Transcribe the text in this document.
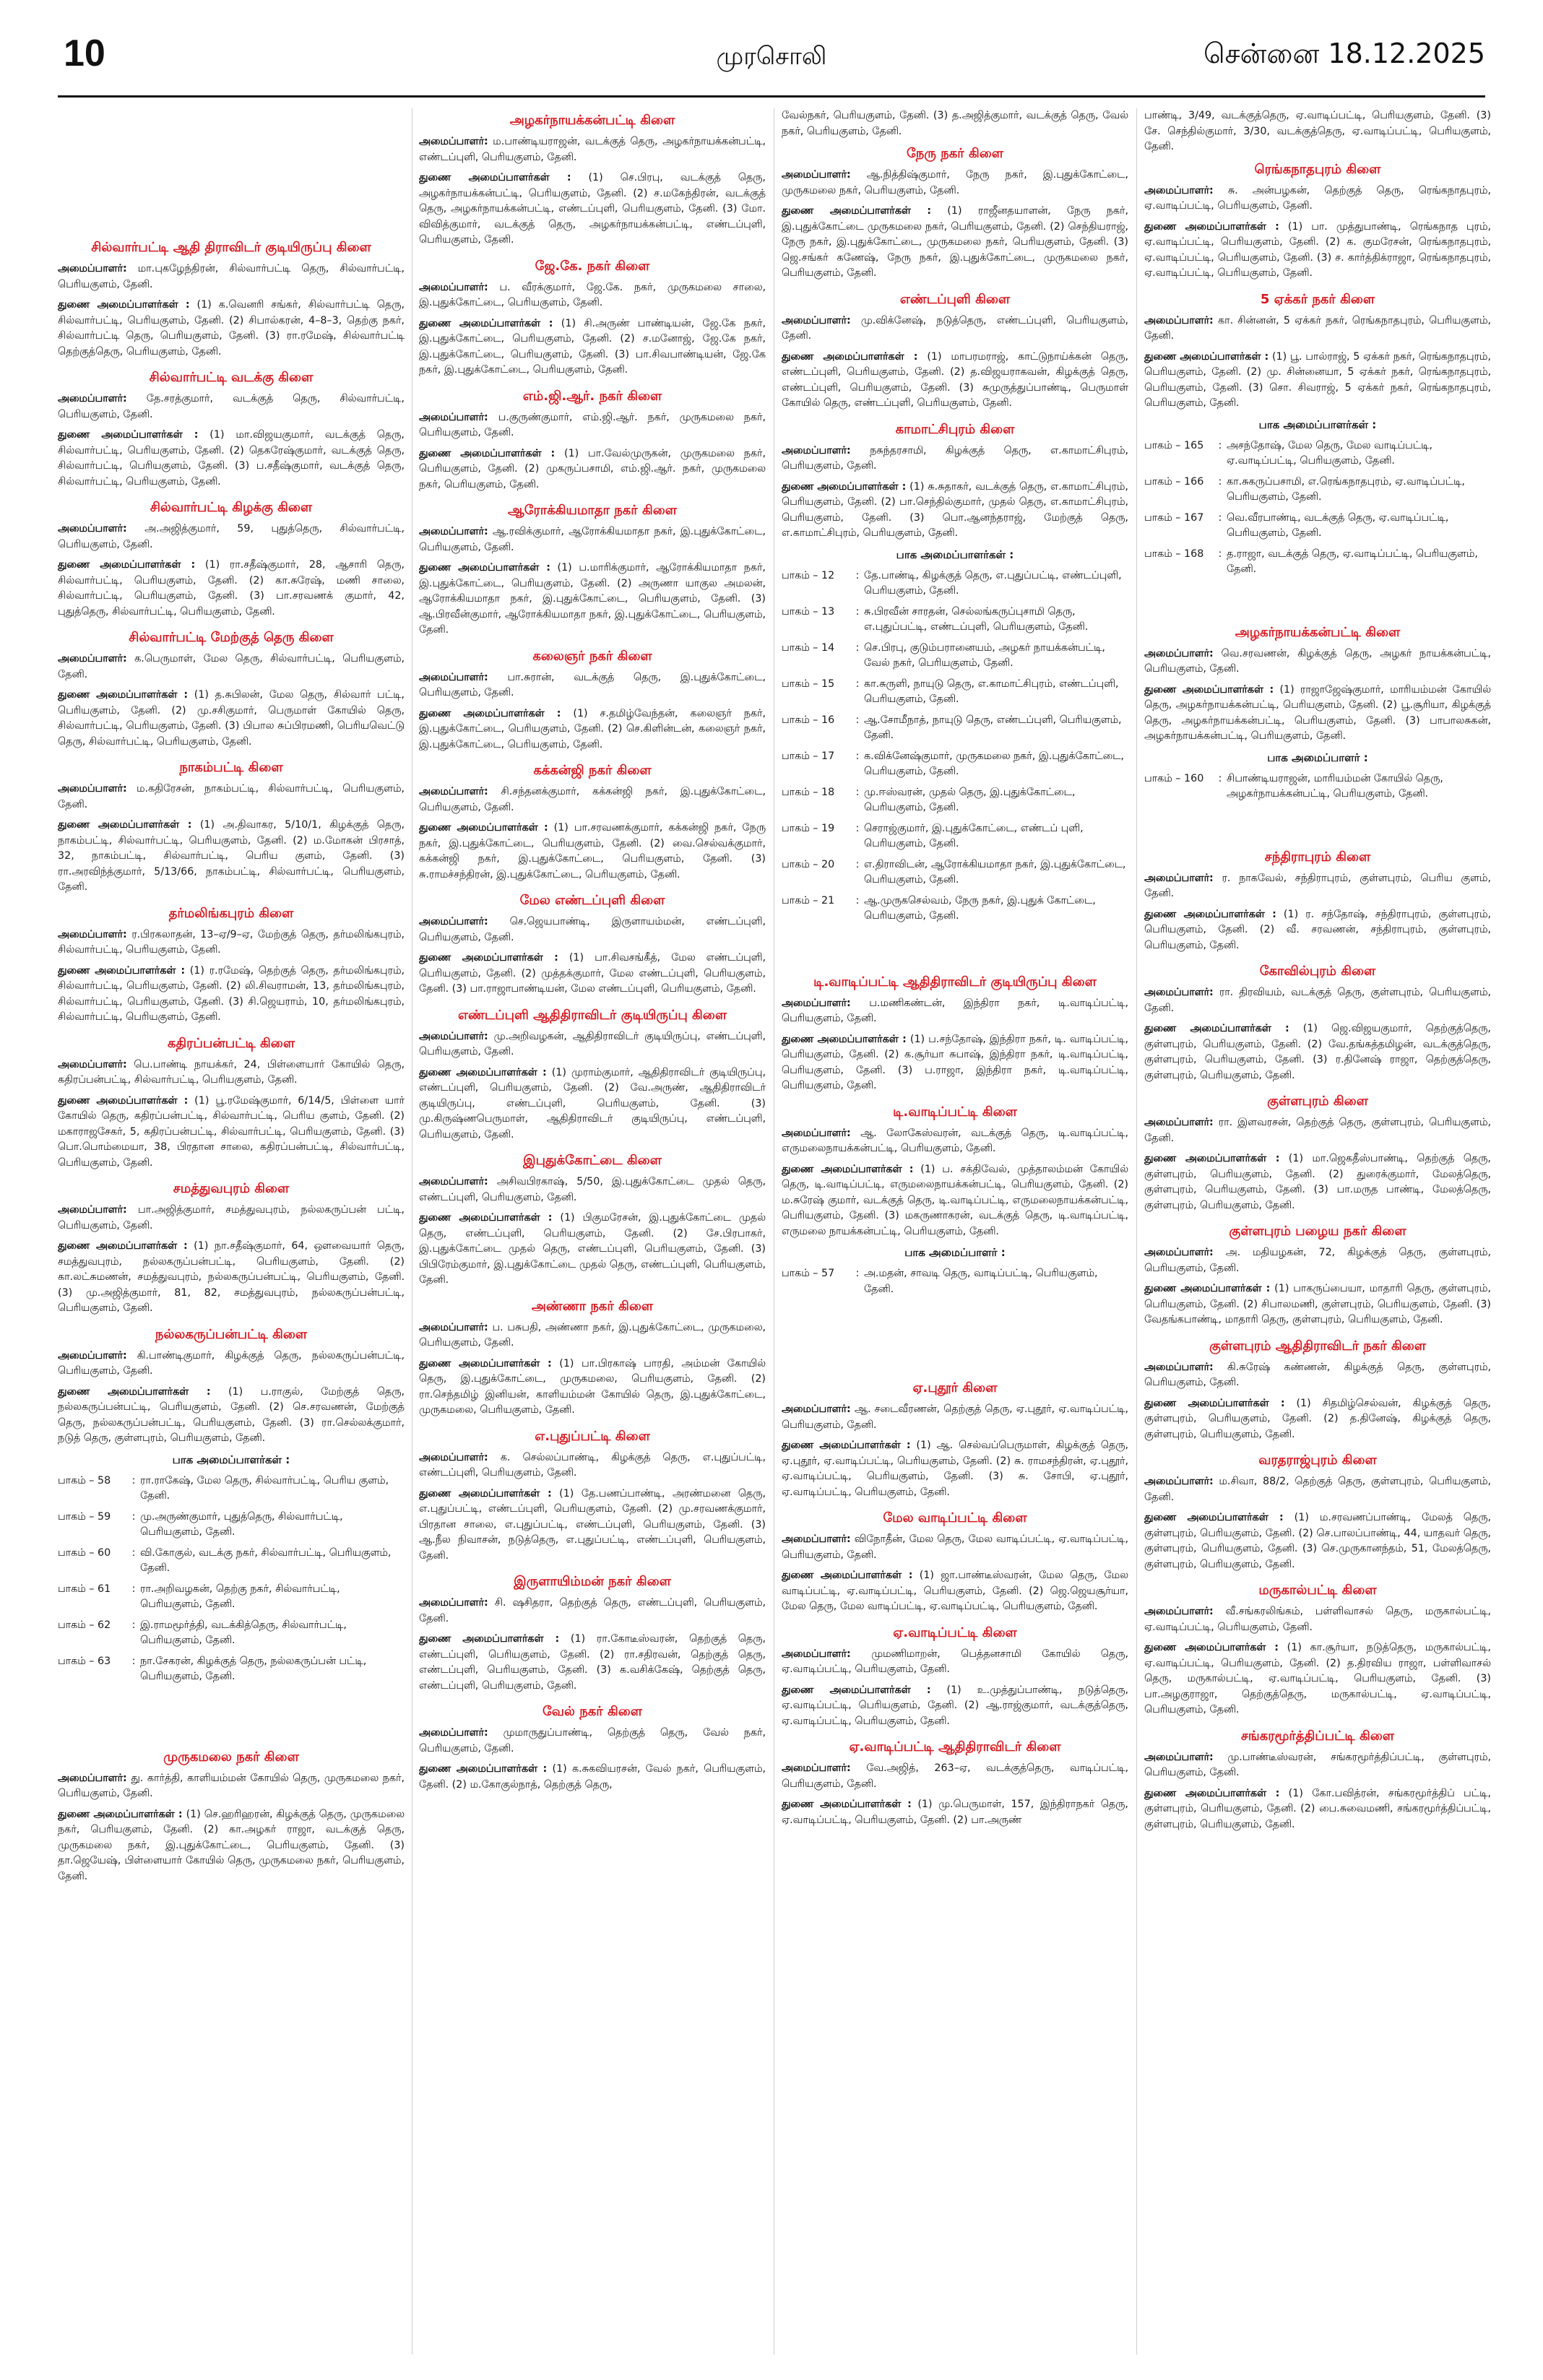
10	முரசொலி	சென்னை 18.12.2025
சில்வார்பட்டி ஆதி திராவிடர் குடியிருப்பு கிளை
அமைப்பாளர்: மா.புகழேந்திரன், சில்வார்பட்டி தெரு, சில்வார்பட்டி, பெரியகுளம், தேனி.
துணை அமைப்பாளர்கள் : (1) க.வெனரி சங்கர், சில்வார்பட்டி தெரு, சில்வார்பட்டி, பெரியகுளம், தேனி. (2) சிபால்கரன், 4–8–3, தெற்கு நகர், சில்வார்பட்டி தெரு, பெரியகுளம், தேனி. (3) ரா.ரமேஷ், சில்வார்பட்டி தெற்குத்தெரு, பெரியகுளம், தேனி.
சில்வார்பட்டி வடக்கு கிளை
அமைப்பாளர்: தே.சரத்குமார், வடக்குத் தெரு, சில்வார்பட்டி, பெரியகுளம், தேனி.
துணை அமைப்பாளர்கள் : (1) மா.விஜயகுமார், வடக்குத் தெரு, சில்வார்பட்டி, பெரியகுளம், தேனி. (2) தெகரேஷ்குமார், வடக்குத் தெரு, சில்வார்பட்டி, பெரியகுளம், தேனி. (3) ப.சதீஷ்குமார், வடக்குத் தெரு, சில்வார்பட்டி, பெரியகுளம், தேனி.
சில்வார்பட்டி கிழக்கு கிளை
அமைப்பாளர்: அ.அஜித்குமார், 59, புதுத்தெரு, சில்வார்பட்டி, பெரியகுளம், தேனி.
துணை அமைப்பாளர்கள் : (1) ரா.சதீஷ்குமார், 28, ஆசாரி தெரு, சில்வார்பட்டி, பெரியகுளம், தேனி. (2) கா.சுரேஷ், மணி சாலை, சில்வார்பட்டி, பெரியகுளம், தேனி. (3) பா.சரவணக் குமார், 42, புதுத்தெரு, சில்வார்பட்டி, பெரியகுளம், தேனி.
சில்வார்பட்டி மேற்குத் தெரு கிளை
அமைப்பாளர்: க.பெருமாள், மேல தெரு, சில்வார்பட்டி, பெரியகுளம், தேனி.
துணை அமைப்பாளர்கள் : (1) த.சுபிலன், மேல தெரு, சில்வார் பட்டி, பெரியகுளம், தேனி. (2) மு.சசிகுமார், பெருமாள் கோயில் தெரு, சில்வார்பட்டி, பெரியகுளம், தேனி. (3) பிபால சுப்பிரமணி, பெரியவெட்டு தெரு, சில்வார்பட்டி, பெரியகுளம், தேனி.
நாகம்பட்டி கிளை
அமைப்பாளர்: ம.கதிரேசன், நாகம்பட்டி, சில்வார்பட்டி, பெரியகுளம், தேனி.
துணை அமைப்பாளர்கள் : (1) அ.திவாகர, 5/10/1, கிழக்குத் தெரு, நாகம்பட்டி, சில்வார்பட்டி, பெரியகுளம், தேனி. (2) ம.மோகன் பிரசாத், 32, நாகம்பட்டி, சில்வார்பட்டி, பெரிய குளம், தேனி. (3) ரா.அரவிந்த்குமார், 5/13/66, நாகம்பட்டி, சில்வார்பட்டி, பெரியகுளம், தேனி.
தர்மலிங்கபுரம் கிளை
அமைப்பாளர்: ர.பிரகலாதன், 13–ஏ/9–ஏ, மேற்குத் தெரு, தர்மலிங்கபுரம், சில்வார்பட்டி, பெரியகுளம், தேனி.
துணை அமைப்பாளர்கள் : (1) ர.ரமேஷ், தெற்குத் தெரு, தர்மலிங்கபுரம், சில்வார்பட்டி, பெரியகுளம், தேனி. (2) லி.சிவராமன், 13, தர்மலிங்கபுரம், சில்வார்பட்டி, பெரியகுளம், தேனி. (3) சி.ஜெயராம், 10, தர்மலிங்கபுரம், சில்வார்பட்டி, பெரியகுளம், தேனி.
கதிரப்பன்பட்டி கிளை
அமைப்பாளர்: பெ.பாண்டி நாயக்கர், 24, பிள்ளையார் கோயில் தெரு, கதிரப்பன்பட்டி, சில்வார்பட்டி, பெரியகுளம், தேனி.
துணை அமைப்பாளர்கள் : (1) பூ.ரமேஷ்குமார், 6/14/5, பிள்ளை யார் கோயில் தெரு, கதிரப்பன்பட்டி, சில்வார்பட்டி, பெரிய குளம், தேனி. (2) மகாராஜசேகர், 5, கதிரப்பன்பட்டி, சில்வார்பட்டி, பெரியகுளம், தேனி. (3) பொ.பொம்மையா, 38, பிரதான சாலை, கதிரப்பன்பட்டி, சில்வார்பட்டி, பெரியகுளம், தேனி.
சமத்துவபுரம் கிளை
அமைப்பாளர்: பா.அஜித்குமார், சமத்துவபுரம், நல்லகருப்பன் பட்டி, பெரியகுளம், தேனி.
துணை அமைப்பாளர்கள் : (1) நா.சதீஷ்குமார், 64, ஔவையார் தெரு, சமத்துவபுரம், நல்லகருப்பன்பட்டி, பெரியகுளம், தேனி. (2) கா.லட்சுமணன், சமத்துவபுரம், நல்லகருப்பன்பட்டி, பெரியகுளம், தேனி. (3) மு.அஜித்குமார், 81, 82, சமத்துவபுரம், நல்லகருப்பன்பட்டி, பெரியகுளம், தேனி.
நல்லகருப்பன்பட்டி கிளை
அமைப்பாளர்: கி.பாண்டிகுமார், கிழக்குத் தெரு, நல்லகருப்பன்பட்டி, பெரியகுளம், தேனி.
துணை அமைப்பாளர்கள் : (1) ப.ராகுல், மேற்குத் தெரு, நல்லகருப்பன்பட்டி, பெரியகுளம், தேனி. (2) செ.சரவணன், மேற்குத் தெரு, நல்லகருப்பன்பட்டி, பெரியகுளம், தேனி. (3) ரா.செல்லக்குமார், நடுத் தெரு, குள்ளபுரம், பெரியகுளம், தேனி.
பாக அமைப்பாளர்கள் :
பாகம் – 58	:	ரா.ராகேஷ், மேல தெரு, சில்வார்பட்டி, பெரிய குளம், தேனி.
பாகம் – 59	:	மு.அருண்குமார், புதுத்தெரு, சில்வார்பட்டி, பெரியகுளம், தேனி.
பாகம் – 60	:	வி.கோகுல், வடக்கு நகர், சில்வார்பட்டி, பெரியகுளம், தேனி.
பாகம் – 61	:	ரா.அறிவழகன், தெற்கு நகர், சில்வார்பட்டி, பெரியகுளம், தேனி.
பாகம் – 62	:	இ.ராமமூர்த்தி, வடக்கித்தெரு, சில்வார்பட்டி, பெரியகுளம், தேனி.
பாகம் – 63	:	நா.சேகரன், கிழக்குத் தெரு, நல்லகருப்பன் பட்டி, பெரியகுளம், தேனி.
முருகமலை நகர் கிளை
அமைப்பாளர்: து. கார்த்தி, காளியம்மன் கோயில் தெரு, முருகமலை நகர், பெரியகுளம், தேனி.
துணை அமைப்பாளர்கள் : (1) செ.ஹரிஹரன், கிழக்குத் தெரு, முருகமலை நகர், பெரியகுளம், தேனி. (2) கா.அழகர் ராஜா, வடக்குத் தெரு, முருகமலை நகர், இ.புதுக்கோட்டை, பெரியகுளம், தேனி. (3) தா.ஜெயேஷ், பிள்ளையார் கோயில் தெரு, முருகமலை நகர், பெரியகுளம், தேனி.
அழகர்நாயக்கன்பட்டி கிளை
அமைப்பாளர்: ம.பாண்டியராஜன், வடக்குத் தெரு, அழகர்நாயக்கன்பட்டி, எண்டப்புளி, பெரியகுளம், தேனி.
துணை அமைப்பாளர்கள் : (1) செ.பிரபு, வடக்குத் தெரு, அழகர்நாயக்கன்பட்டி, பெரியகுளம், தேனி. (2) ச.மகேந்திரன், வடக்குத் தெரு, அழகர்நாயக்கன்பட்டி, எண்டப்புளி, பெரியகுளம், தேனி. (3) மோ. விவித்குமார், வடக்குத் தெரு, அழகர்நாயக்கன்பட்டி, எண்டப்புளி, பெரியகுளம், தேனி.
ஜே.கே. நகர் கிளை
அமைப்பாளர்: ப. வீரக்குமார், ஜே.கே. நகர், முருகமலை சாலை, இ.புதுக்கோட்டை, பெரியகுளம், தேனி.
துணை அமைப்பாளர்கள் : (1) சி.அருண் பாண்டியன், ஜே.கே நகர், இ.புதுக்கோட்டை, பெரியகுளம், தேனி. (2) ச.மனோஜ், ஜே.கே நகர், இ.புதுக்கோட்டை, பெரியகுளம், தேனி. (3) பா.சிவபாண்டியன், ஜே.கே நகர், இ.புதுக்கோட்டை, பெரியகுளம், தேனி.
எம்.ஜி.ஆர். நகர் கிளை
அமைப்பாளர்: ப.குருண்குமார், எம்.ஜி.ஆர். நகர், முருகமலை நகர், பெரியகுளம், தேனி.
துணை அமைப்பாளர்கள் : (1) பா.வேல்முருகன், முருகமலை நகர், பெரியகுளம், தேனி. (2) முகருப்பசாமி, எம்.ஜி.ஆர். நகர், முருகமலை நகர், பெரியகுளம், தேனி.
ஆரோக்கியமாதா நகர் கிளை
அமைப்பாளர்: ஆ.ரவிக்குமார், ஆரோக்கியமாதா நகர், இ.புதுக்கோட்டை, பெரியகுளம், தேனி.
துணை அமைப்பாளர்கள் : (1) ப.மாரிக்குமார், ஆரோக்கியமாதா நகர், இ.புதுக்கோட்டை, பெரியகுளம், தேனி. (2) அருணா யாகுல அமலன், ஆரோக்கியமாதா நகர், இ.புதுக்கோட்டை, பெரியகுளம், தேனி. (3) ஆ.பிரவீன்குமார், ஆரோக்கியமாதா நகர், இ.புதுக்கோட்டை, பெரியகுளம், தேனி.
கலைஞர் நகர் கிளை
அமைப்பாளர்: பா.சுரான், வடக்குத் தெரு, இ.புதுக்கோட்டை, பெரியகுளம், தேனி.
துணை அமைப்பாளர்கள் : (1) ச.தமிழ்வேந்தன், கலைஞர் நகர், இ.புதுக்கோட்டை, பெரியகுளம், தேனி. (2) செ.கிளின்டன், கலைஞர் நகர், இ.புதுக்கோட்டை, பெரியகுளம், தேனி.
கக்கன்ஜி நகர் கிளை
அமைப்பாளர்: சி.சந்தனக்குமார், கக்கன்ஜி நகர், இ.புதுக்கோட்டை, பெரியகுளம், தேனி.
துணை அமைப்பாளர்கள் : (1) பா.சரவணக்குமார், கக்கன்ஜி நகர், நேரு நகர், இ.புதுக்கோட்டை, பெரியகுளம், தேனி. (2) வை.செல்வக்குமார், கக்கன்ஜி நகர், இ.புதுக்கோட்டை, பெரியகுளம், தேனி. (3) சு.ராமச்சந்திரன், இ.புதுக்கோட்டை, பெரியகுளம், தேனி.
மேல எண்டப்புளி கிளை
அமைப்பாளர்: செ.ஜெயபாண்டி, இருளாயம்மன், எண்டப்புளி, பெரியகுளம், தேனி.
துணை அமைப்பாளர்கள் : (1) பா.சிவசங்கீத், மேல எண்டப்புளி, பெரியகுளம், தேனி. (2) முத்தக்குமார், மேல எண்டப்புளி, பெரியகுளம், தேனி. (3) பா.ராஜாபாண்டியன், மேல எண்டப்புளி, பெரியகுளம், தேனி.
எண்டப்புளி ஆதிதிராவிடர் குடியிருப்பு கிளை
அமைப்பாளர்: மு.அறிவழகன், ஆதிதிராவிடர் குடியிருப்பு, எண்டப்புளி, பெரியகுளம், தேனி.
துணை அமைப்பாளர்கள் : (1) முராம்குமார், ஆதிதிராவிடர் குடியிருப்பு, எண்டப்புளி, பெரியகுளம், தேனி. (2) வே.அருண், ஆதிதிராவிடர் குடியிருப்பு, எண்டப்புளி, பெரியகுளம், தேனி. (3) மு.கிருஷ்ணபெருமாள், ஆதிதிராவிடர் குடியிருப்பு, எண்டப்புளி, பெரியகுளம், தேனி.
இபுதுக்கோட்டை கிளை
அமைப்பாளர்: அசிவபிரகாஷ், 5/50, இ.புதுக்கோட்டை முதல் தெரு, எண்டப்புளி, பெரியகுளம், தேனி.
துணை அமைப்பாளர்கள் : (1) பிகுமரேசன், இ.புதுக்கோட்டை முதல் தெரு, எண்டப்புளி, பெரியகுளம், தேனி. (2) சே.பிரபாகர், இ.புதுக்கோட்டை முதல் தெரு, எண்டப்புளி, பெரியகுளம், தேனி. (3) பிபிரேம்குமார், இ.புதுக்கோட்டை முதல் தெரு, எண்டப்புளி, பெரியகுளம், தேனி.
அண்ணா நகர் கிளை
அமைப்பாளர்: ப. பசுபதி, அண்ணா நகர், இ.புதுக்கோட்டை, முருகமலை, பெரியகுளம், தேனி.
துணை அமைப்பாளர்கள் : (1) பா.பிரகாஷ் பாரதி, அம்மன் கோயில் தெரு, இ.புதுக்கோட்டை, முருகமலை, பெரியகுளம், தேனி. (2) ரா.செந்தமிழ் இனியன், காளியம்மன் கோயில் தெரு, இ.புதுக்கோட்டை, முருகமலை, பெரியகுளம், தேனி.
எ.புதுப்பட்டி கிளை
அமைப்பாளர்: க. செல்லப்பாண்டி, கிழக்குத் தெரு, எ.புதுப்பட்டி, எண்டப்புளி, பெரியகுளம், தேனி.
துணை அமைப்பாளர்கள் : (1) தே.பணப்பாண்டி, அரண்மனை தெரு, எ.புதுப்பட்டி, எண்டப்புளி, பெரியகுளம், தேனி. (2) மு.சரவணக்குமார், பிரதான சாலை, எ.புதுப்பட்டி, எண்டப்புளி, பெரியகுளம், தேனி. (3) ஆ.நீல நிவாசன், நடுத்தெரு, எ.புதுப்பட்டி, எண்டப்புளி, பெரியகுளம், தேனி.
இருளாயிம்மன் நகர் கிளை
அமைப்பாளர்: சி. ஷசிதரா, தெற்குத் தெரு, எண்டப்புளி, பெரியகுளம், தேனி.
துணை அமைப்பாளர்கள் : (1) ரா.கோடீஸ்வரன், தெற்குத் தெரு, எண்டப்புளி, பெரியகுளம், தேனி. (2) ரா.சதிரவன், தெற்குத் தெரு, எண்டப்புளி, பெரியகுளம், தேனி. (3) க.வசிக்கேஷ், தெற்குத் தெரு, எண்டப்புளி, பெரியகுளம், தேனி.
வேல் நகர் கிளை
அமைப்பாளர்: முமாருதுப்பாண்டி, தெற்குத் தெரு, வேல் நகர், பெரியகுளம், தேனி.
துணை அமைப்பாளர்கள் : (1) க.சுகவியரசன், வேல் நகர், பெரியகுளம், தேனி. (2) ம.கோகுல்நாத், தெற்குத் தெரு,
வேல்நகர், பெரியகுளம், தேனி. (3) த.அஜித்குமார், வடக்குத் தெரு, வேல் நகர், பெரியகுளம், தேனி.
நேரு நகர் கிளை
அமைப்பாளர்: ஆ.நித்திஷ்குமார், நேரு நகர், இ.புதுக்கோட்டை, முருகமலை நகர், பெரியகுளம், தேனி.
துணை அமைப்பாளர்கள் : (1) ராஜீனதயாளன், நேரு நகர், இ.புதுக்கோட்டை முருகமலை நகர், பெரியகுளம், தேனி. (2) செந்தியராஜ், நேரு நகர், இ.புதுக்கோட்டை, முருகமலை நகர், பெரியகுளம், தேனி. (3) ஜெ.சங்கர் கணேஷ், நேரு நகர், இ.புதுக்கோட்டை, முருகமலை நகர், பெரியகுளம், தேனி.
எண்டப்புளி கிளை
அமைப்பாளர்: மு.விக்னேஷ், நடுத்தெரு, எண்டப்புளி, பெரியகுளம், தேனி.
துணை அமைப்பாளர்கள் : (1) மாபரமராஜ், காட்டுநாய்க்கன் தெரு, எண்டப்புளி, பெரியகுளம், தேனி. (2) த.விஜயராகவன், கிழக்குத் தெரு, எண்டப்புளி, பெரியகுளம், தேனி. (3) சுமுருத்துப்பாண்டி, பெருமாள் கோயில் தெரு, எண்டப்புளி, பெரியகுளம், தேனி.
காமாட்சிபுரம் கிளை
அமைப்பாளர்: நசுந்தரசாமி, கிழக்குத் தெரு, எ.காமாட்சிபுரம், பெரியகுளம், தேனி.
துணை அமைப்பாளர்கள் : (1) சு.சுதாகர், வடக்குத் தெரு, எ.காமாட்சிபுரம், பெரியகுளம், தேனி. (2) பா.செந்தில்குமார், முதல் தெரு, எ.காமாட்சிபுரம், பெரியகுளம், தேனி. (3) பொ.ஆனந்தராஜ், மேற்குத் தெரு, எ.காமாட்சிபுரம், பெரியகுளம், தேனி.
பாக அமைப்பாளர்கள் :
பாகம் – 12	:	தே.பாண்டி, கிழக்குத் தெரு, எ.புதுப்பட்டி, எண்டப்புளி, பெரியகுளம், தேனி.
பாகம் – 13	:	சு.பிரவீன் சாரதன், செல்லங்கருப்புசாமி தெரு, எ.புதுப்பட்டி, எண்டப்புளி, பெரியகுளம், தேனி.
பாகம் – 14	:	செ.பிரபு, குடும்பரானையம், அழகர் நாயக்கன்பட்டி, வேல் நகர், பெரியகுளம், தேனி.
பாகம் – 15	:	கா.சுருளி, நாயுடு தெரு, எ.காமாட்சிபுரம், எண்டப்புளி, பெரியகுளம், தேனி.
பாகம் – 16	:	ஆ.சோமீநாத், நாயுடு தெரு, எண்டப்புளி, பெரியகுளம், தேனி.
பாகம் – 17	:	க.விக்னேஷ்குமார், முருகமலை நகர், இ.புதுக்கோட்டை, பெரியகுளம், தேனி.
பாகம் – 18	:	மு.ஈஸ்வரன், முதல் தெரு, இ.புதுக்கோட்டை, பெரியகுளம், தேனி.
பாகம் – 19	:	செராஜ்குமார், இ.புதுக்கோட்டை, எண்டப் புளி, பெரியகுளம், தேனி.
பாகம் – 20	:	எ.திராவிடன், ஆரோக்கியமாதா நகர், இ.புதுக்கோட்டை, பெரியகுளம், தேனி.
பாகம் – 21	:	ஆ.முருகசெல்வம், நேரு நகர், இ.புதுக் கோட்டை, பெரியகுளம், தேனி.
டி.வாடிப்பட்டி ஆதிதிராவிடர் குடியிருப்பு கிளை
அமைப்பாளர்: ப.மணிகண்டன், இந்திரா நகர், டி.வாடிப்பட்டி, பெரியகுளம், தேனி.
துணை அமைப்பாளர்கள் : (1) ப.சந்தோஷ், இந்திரா நகர், டி. வாடிப்பட்டி, பெரியகுளம், தேனி. (2) க.சூர்யா சுபாஷ், இந்திரா நகர், டி.வாடிப்பட்டி, பெரியகுளம், தேனி. (3) ப.ராஜா, இந்திரா நகர், டி.வாடிப்பட்டி, பெரியகுளம், தேனி.
டி.வாடிப்பட்டி கிளை
அமைப்பாளர்: ஆ. லோகேஸ்வரன், வடக்குத் தெரு, டி.வாடிப்பட்டி, எருமலைநாயக்கன்பட்டி, பெரியகுளம், தேனி.
துணை அமைப்பாளர்கள் : (1) ப. சக்திவேல், முத்தாலம்மன் கோயில் தெரு, டி.வாடிப்பட்டி, எருமலைநாயக்கன்பட்டி, பெரியகுளம், தேனி. (2) ம.சுரேஷ் குமார், வடக்குத் தெரு, டி.வாடிப்பட்டி, எருமலைநாயக்கன்பட்டி, பெரியகுளம், தேனி. (3) மகருணாகரன், வடக்குத் தெரு, டி.வாடிப்பட்டி, எருமலை நாயக்கன்பட்டி, பெரியகுளம், தேனி.
பாக அமைப்பாளர் :
பாகம் – 57	:	அ.மதன், சாவடி தெரு, வாடிப்பட்டி, பெரியகுளம், தேனி.
ஏ.புதூர் கிளை
அமைப்பாளர்: ஆ. சடைவீரணன், தெற்குத் தெரு, ஏ.புதூர், ஏ.வாடிப்பட்டி, பெரியகுளம், தேனி.
துணை அமைப்பாளர்கள் : (1) ஆ. செல்வப்பெருமாள், கிழக்குத் தெரு, ஏ.புதூர், ஏ.வாடிப்பட்டி, பெரியகுளம், தேனி. (2) சு. ராமசந்திரன், ஏ.புதூர், ஏ.வாடிப்பட்டி, பெரியகுளம், தேனி. (3) சு. சோபி, ஏ.புதூர், ஏ.வாடிப்பட்டி, பெரியகுளம், தேனி.
மேல வாடிப்பட்டி கிளை
அமைப்பாளர்: விநோதீன், மேல தெரு, மேல வாடிப்பட்டி, ஏ.வாடிப்பட்டி, பெரியகுளம், தேனி.
துணை அமைப்பாளர்கள் : (1) ஜா.பாண்டீஸ்வரன், மேல தெரு, மேல வாடிப்பட்டி, ஏ.வாடிப்பட்டி, பெரியகுளம், தேனி. (2) ஜெ.ஜெயசூர்யா, மேல தெரு, மேல வாடிப்பட்டி, ஏ.வாடிப்பட்டி, பெரியகுளம், தேனி.
ஏ.வாடிப்பட்டி கிளை
அமைப்பாளர்: முமணிமாறன், பெத்தனசாமி கோயில் தெரு, ஏ.வாடிப்பட்டி, பெரியகுளம், தேனி.
துணை அமைப்பாளர்கள் : (1) உ.முத்துப்பாண்டி, நடுத்தெரு, ஏ.வாடிப்பட்டி, பெரியகுளம், தேனி. (2) ஆ.ராஜ்குமார், வடக்குத்தெரு, ஏ.வாடிப்பட்டி, பெரியகுளம், தேனி.
ஏ.வாடிப்பட்டி ஆதிதிராவிடர் கிளை
அமைப்பாளர்: வே.அஜித், 263–ஏ, வடக்குத்தெரு, வாடிப்பட்டி, பெரியகுளம், தேனி.
துணை அமைப்பாளர்கள் : (1) மு.பெருமாள், 157, இந்திராநகர் தெரு, ஏ.வாடிப்பட்டி, பெரியகுளம், தேனி. (2) பா.அருண்
பாண்டி, 3/49, வடக்குத்தெரு, ஏ.வாடிப்பட்டி, பெரியகுளம், தேனி. (3) சே. செந்தில்குமார், 3/30, வடக்குத்தெரு, ஏ.வாடிப்பட்டி, பெரியகுளம், தேனி.
ரெங்கநாதபுரம் கிளை
அமைப்பாளர்: சு. அன்பழகன், தெற்குத் தெரு, ரெங்கநாதபுரம், ஏ.வாடிப்பட்டி, பெரியகுளம், தேனி.
துணை அமைப்பாளர்கள் : (1) பா. முத்துபாண்டி, ரெங்கநாத புரம், ஏ.வாடிப்பட்டி, பெரியகுளம், தேனி. (2) க. குமரேசன், ரெங்கநாதபுரம், ஏ.வாடிப்பட்டி, பெரியகுளம், தேனி. (3) ச. கார்த்திக்ராஜா, ரெங்கநாதபுரம், ஏ.வாடிப்பட்டி, பெரியகுளம், தேனி.
5 ஏக்கர் நகர் கிளை
அமைப்பாளர்: கா. சின்னன், 5 ஏக்கர் நகர், ரெங்கநாதபுரம், பெரியகுளம், தேனி.
துணை அமைப்பாளர்கள் : (1) பூ. பால்ராஜ், 5 ஏக்கர் நகர், ரெங்கநாதபுரம், பெரியகுளம், தேனி. (2) மு. சின்னையா, 5 ஏக்கர் நகர், ரெங்கநாதபுரம், பெரியகுளம், தேனி. (3) சொ. சிவராஜ், 5 ஏக்கர் நகர், ரெங்கநாதபுரம், பெரியகுளம், தேனி.
பாக அமைப்பாளர்கள் :
பாகம் – 165	:	அசந்தோஷ், மேல தெரு, மேல வாடிப்பட்டி, ஏ.வாடிப்பட்டி, பெரியகுளம், தேனி.
பாகம் – 166	:	கா.சுகருப்பசாமி, எ.ரெங்கநாதபுரம், ஏ.வாடிப்பட்டி, பெரியகுளம், தேனி.
பாகம் – 167	:	வெ.வீரபாண்டி, வடக்குத் தெரு, ஏ.வாடிப்பட்டி, பெரியகுளம், தேனி.
பாகம் – 168	:	த.ராஜா, வடக்குத் தெரு, ஏ.வாடிப்பட்டி, பெரியகுளம், தேனி.
அழகர்நாயக்கன்பட்டி கிளை
அமைப்பாளர்: வெ.சரவணன், கிழக்குத் தெரு, அழகர் நாயக்கன்பட்டி, பெரியகுளம், தேனி.
துணை அமைப்பாளர்கள் : (1) ராஜாஜேஷ்குமார், மாரியம்மன் கோயில் தெரு, அழகர்நாயக்கன்பட்டி, பெரியகுளம், தேனி. (2) பூ.சூரியா, கிழக்குத் தெரு, அழகர்நாயக்கன்பட்டி, பெரியகுளம், தேனி. (3) பாபாலசுகன், அழகர்நாயக்கன்பட்டி, பெரியகுளம், தேனி.
பாக அமைப்பாளர் :
பாகம் – 160	:	சிபாண்டியராஜன், மாரியம்மன் கோயில் தெரு, அழகர்நாயக்கன்பட்டி, பெரியகுளம், தேனி.
சந்திராபுரம் கிளை
அமைப்பாளர்: ர. நாகவேல், சந்திராபுரம், குள்ளபுரம், பெரிய குளம், தேனி.
துணை அமைப்பாளர்கள் : (1) ர. சந்தோஷ், சந்திராபுரம், குள்ளபுரம், பெரியகுளம், தேனி. (2) வீ. சரவணன், சந்திராபுரம், குள்ளபுரம், பெரியகுளம், தேனி.
கோவில்புரம் கிளை
அமைப்பாளர்: ரா. திரவியம், வடக்குத் தெரு, குள்ளபுரம், பெரியகுளம், தேனி.
துணை அமைப்பாளர்கள் : (1) ஜெ.விஜயகுமார், தெற்குத்தெரு, குள்ளபுரம், பெரியகுளம், தேனி. (2) வே.தங்கத்தமிழன், வடக்குத்தெரு, குள்ளபுரம், பெரியகுளம், தேனி. (3) ர.தினேஷ் ராஜா, தெற்குத்தெரு, குள்ளபுரம், பெரியகுளம், தேனி.
குள்ளபுரம் கிளை
அமைப்பாளர்: ரா. இளவரசன், தெற்குத் தெரு, குள்ளபுரம், பெரியகுளம், தேனி.
துணை அமைப்பாளர்கள் : (1) மா.ஜெகதீஸ்பாண்டி, தெற்குத் தெரு, குள்ளபுரம், பெரியகுளம், தேனி. (2) துரைக்குமார், மேலத்தெரு, குள்ளபுரம், பெரியகுளம், தேனி. (3) பா.மருத பாண்டி, மேலத்தெரு, குள்ளபுரம், பெரியகுளம், தேனி.
குள்ளபுரம் பழைய நகர் கிளை
அமைப்பாளர்: அ. மதியழகன், 72, கிழக்குத் தெரு, குள்ளபுரம், பெரியகுளம், தேனி.
துணை அமைப்பாளர்கள் : (1) பாகருப்பையா, மாதாரி தெரு, குள்ளபுரம், பெரியகுளம், தேனி. (2) சிபாலமணி, குள்ளபுரம், பெரியகுளம், தேனி. (3) வேதங்கபாண்டி, மாதாரி தெரு, குள்ளபுரம், பெரியகுளம், தேனி.
குள்ளபுரம் ஆதிதிராவிடர் நகர் கிளை
அமைப்பாளர்: கி.சுரேஷ் கண்ணன், கிழக்குத் தெரு, குள்ளபுரம், பெரியகுளம், தேனி.
துணை அமைப்பாளர்கள் : (1) சிதமிழ்செல்வன், கிழக்குத் தெரு, குள்ளபுரம், பெரியகுளம், தேனி. (2) த.தினேஷ், கிழக்குத் தெரு, குள்ளபுரம், பெரியகுளம், தேனி.
வரதராஜ்புரம் கிளை
அமைப்பாளர்: ம.சிவா, 88/2, தெற்குத் தெரு, குள்ளபுரம், பெரியகுளம், தேனி.
துணை அமைப்பாளர்கள் : (1) ம.சரவணப்பாண்டி, மேலத் தெரு, குள்ளபுரம், பெரியகுளம், தேனி. (2) செ.பாலப்பாண்டி, 44, யாதவர் தெரு, குள்ளபுரம், பெரியகுளம், தேனி. (3) செ.முருகானந்தம், 51, மேலத்தெரு, குள்ளபுரம், பெரியகுளம், தேனி.
மருகால்பட்டி கிளை
அமைப்பாளர்: வீ.சங்கரலிங்கம், பள்ளிவாசல் தெரு, மருகால்பட்டி, ஏ.வாடிப்பட்டி, பெரியகுளம், தேனி.
துணை அமைப்பாளர்கள் : (1) கா.சூர்யா, நடுத்தெரு, மருகால்பட்டி, ஏ.வாடிப்பட்டி, பெரியகுளம், தேனி. (2) த.திரவிய ராஜா, பள்ளிவாசல் தெரு, மருகால்பட்டி, ஏ.வாடிப்பட்டி, பெரியகுளம், தேனி. (3) பா.அழகுராஜா, தெற்குத்தெரு, மருகால்பட்டி, ஏ.வாடிப்பட்டி, பெரியகுளம், தேனி.
சங்கரமூர்த்திப்பட்டி கிளை
அமைப்பாளர்: மு.பாண்டீஸ்வரன், சங்கரமூர்த்திப்பட்டி, குள்ளபுரம், பெரியகுளம், தேனி.
துணை அமைப்பாளர்கள் : (1) கோ.பவித்ரன், சங்கரமூர்த்திப் பட்டி, குள்ளபுரம், பெரியகுளம், தேனி. (2) பை.சுவைமணி, சங்கரமூர்த்திப்பட்டி, குள்ளபுரம், பெரியகுளம், தேனி.
